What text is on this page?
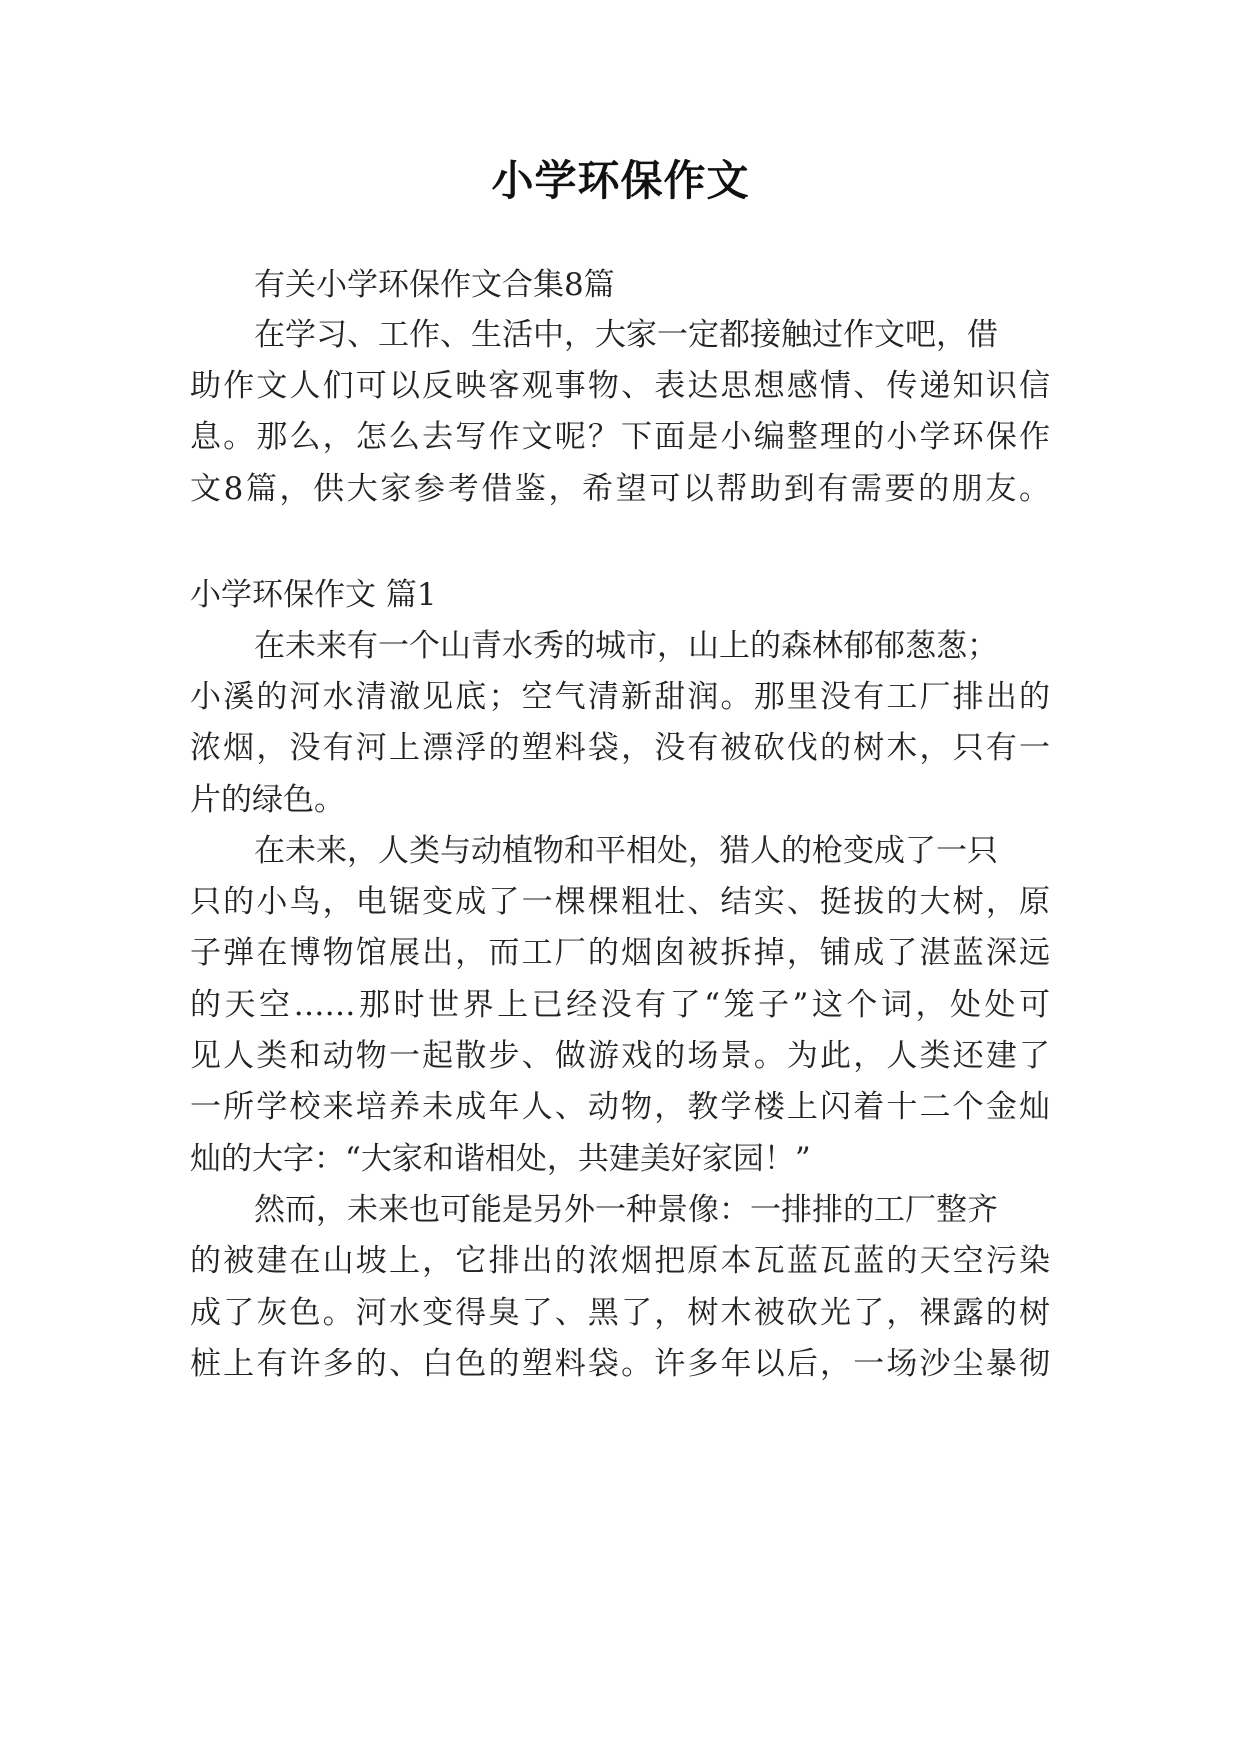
小学环保作文
有关小学环保作文合集8篇
在学习、工作、生活中，大家一定都接触过作文吧，借
助作文人们可以反映客观事物、表达思想感情、传递知识信
息。那么，怎么去写作文呢？下面是小编整理的小学环保作
文8篇，供大家参考借鉴，希望可以帮助到有需要的朋友。
小学环保作文 篇1
在未来有一个山青水秀的城市，山上的森林郁郁葱葱；
小溪的河水清澈见底；空气清新甜润。那里没有工厂排出的
浓烟，没有河上漂浮的塑料袋，没有被砍伐的树木，只有一
片的绿色。
在未来，人类与动植物和平相处，猎人的枪变成了一只
只的小鸟，电锯变成了一棵棵粗壮、结实、挺拔的大树，原
子弹在博物馆展出，而工厂的烟囱被拆掉，铺成了湛蓝深远
的天空……那时世界上已经没有了“笼子”这个词，处处可
见人类和动物一起散步、做游戏的场景。为此，人类还建了
一所学校来培养未成年人、动物，教学楼上闪着十二个金灿
灿的大字：“大家和谐相处，共建美好家园！”
然而，未来也可能是另外一种景像：一排排的工厂整齐
的被建在山坡上，它排出的浓烟把原本瓦蓝瓦蓝的天空污染
成了灰色。河水变得臭了、黑了，树木被砍光了，裸露的树
桩上有许多的、白色的塑料袋。许多年以后，一场沙尘暴彻
